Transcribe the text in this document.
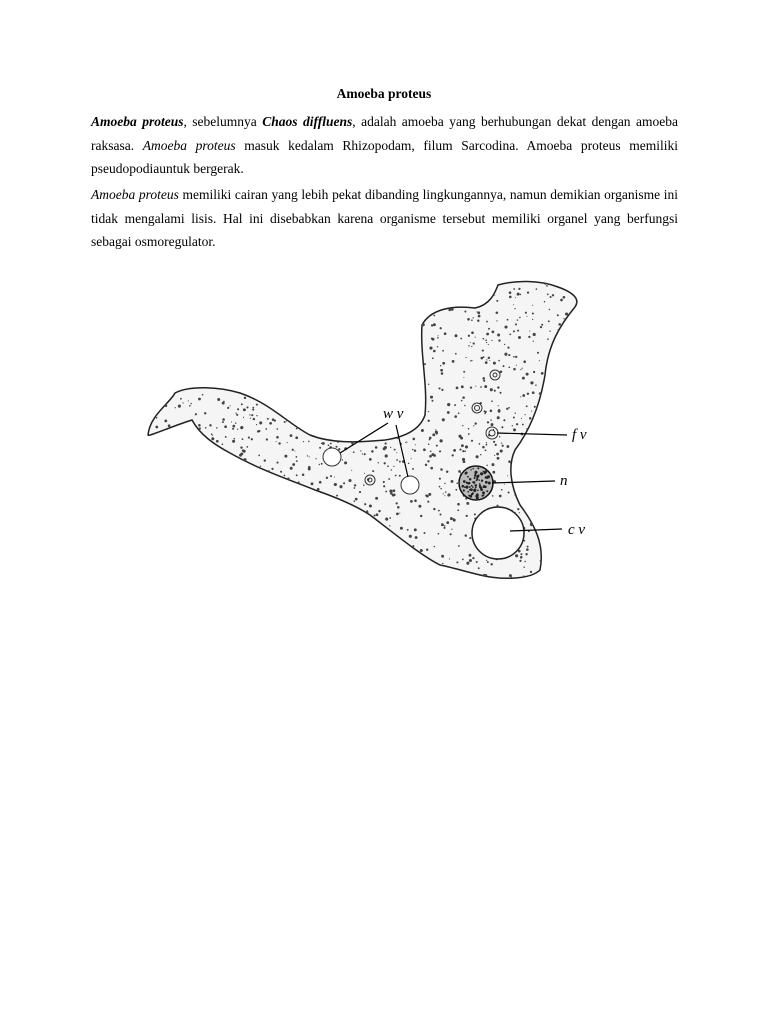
Amoeba proteus
Amoeba proteus, sebelumnya Chaos diffluens, adalah amoeba yang berhubungan dekat dengan amoeba raksasa. Amoeba proteus masuk kedalam Rhizopodam, filum Sarcodina. Amoeba proteus memiliki pseudopodiauntuk bergerak.
Amoeba proteus memiliki cairan yang lebih pekat dibanding lingkungannya, namun demikian organisme ini tidak mengalami lisis. Hal ini disebabkan karena organisme tersebut memiliki organel yang berfungsi sebagai osmoregulator.
w v
f v
n
c v
